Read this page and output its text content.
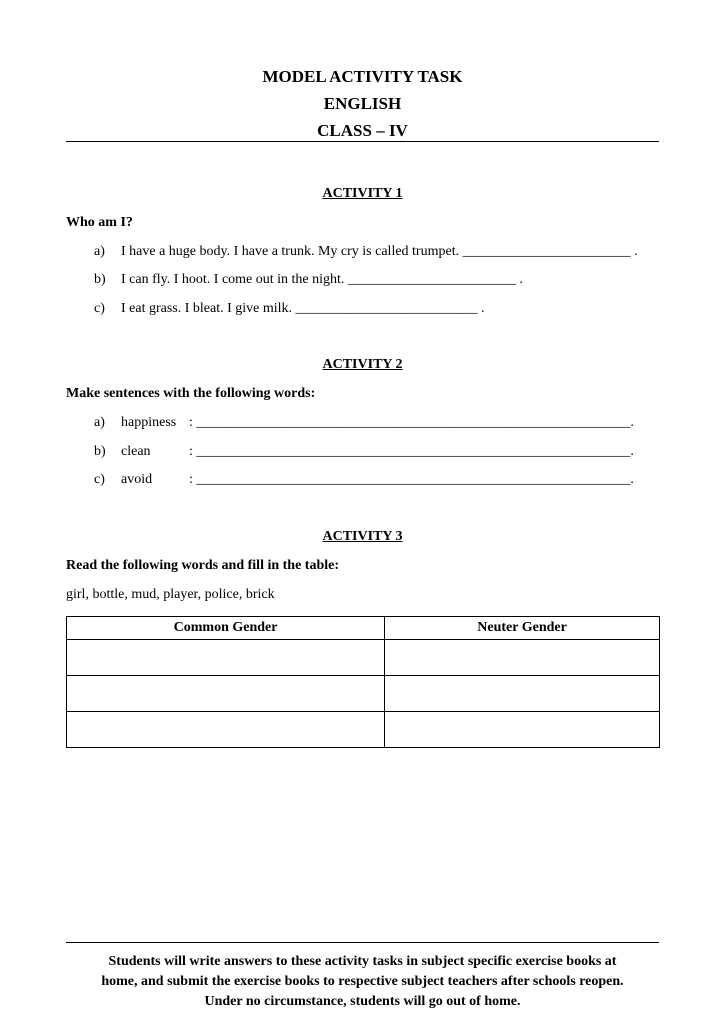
MODEL ACTIVITY TASK
ENGLISH
CLASS – IV
ACTIVITY 1
Who am I?
a) I have a huge body. I have a trunk. My cry is called trumpet. ________________________ .
b) I can fly. I hoot. I come out in the night. ________________________ .
c) I eat grass. I bleat. I give milk. __________________________ .
ACTIVITY 2
Make sentences with the following words:
a) happiness : ______________________________________________________________.
b) clean	: ______________________________________________________________.
c) avoid	: ______________________________________________________________.
ACTIVITY 3
Read the following words and fill in the table:
girl, bottle, mud, player, police, brick
Common Gender	Neuter Gender

Students will write answers to these activity tasks in subject specific exercise books at
home, and submit the exercise books to respective subject teachers after schools reopen.
Under no circumstance, students will go out of home.
